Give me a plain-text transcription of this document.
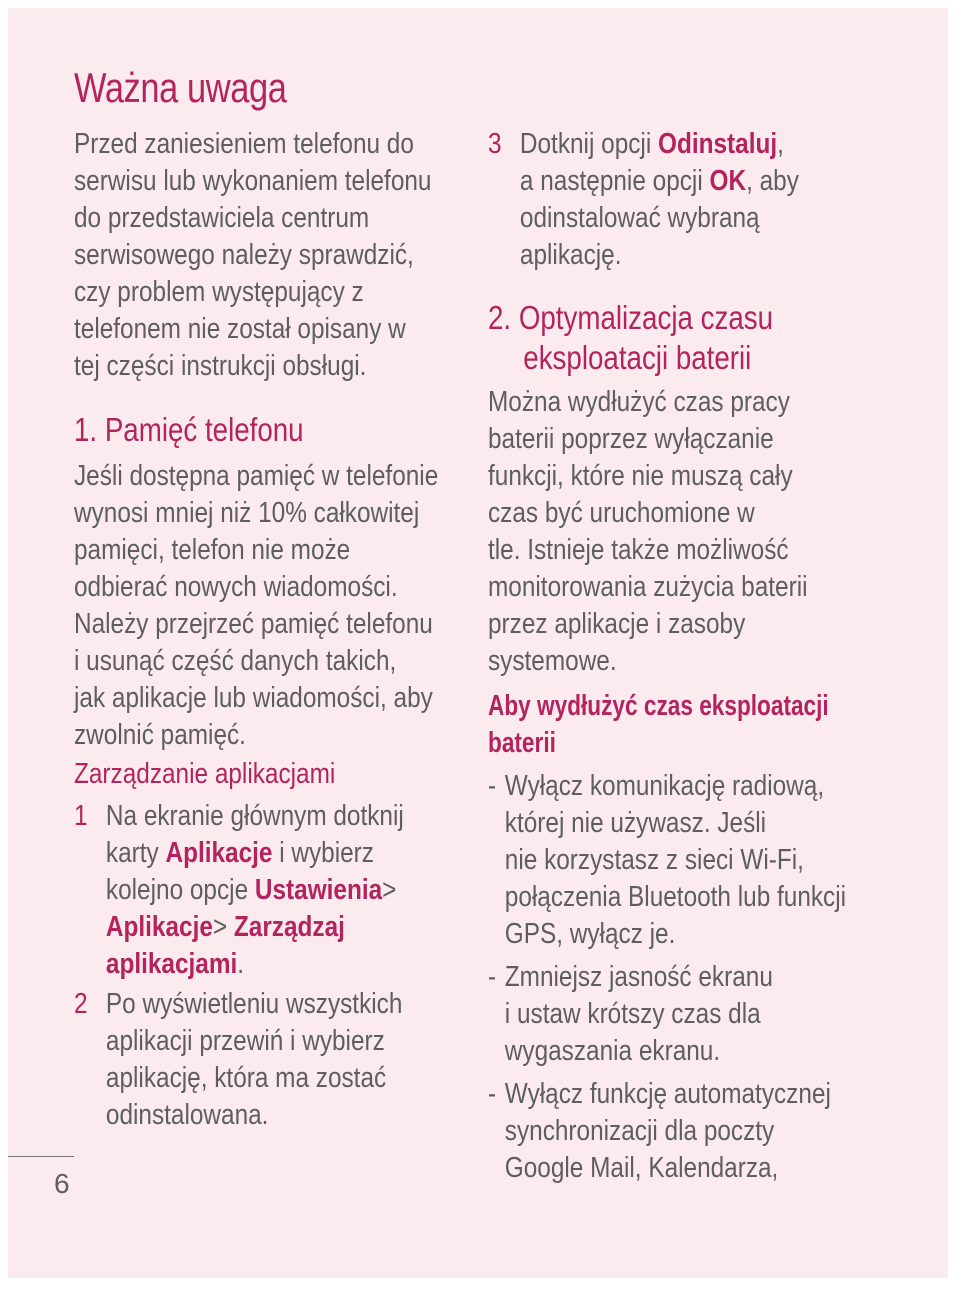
Ważna uwaga
Przed zaniesieniem telefonu do
serwisu lub wykonaniem telefonu
do przedstawiciela centrum
serwisowego należy sprawdzić,
czy problem występujący z
telefonem nie został opisany w
tej części instrukcji obsługi.
1. Pamięć telefonu
Jeśli dostępna pamięć w telefonie
wynosi mniej niż 10% całkowitej
pamięci, telefon nie może
odbierać nowych wiadomości.
Należy przejrzeć pamięć telefonu
i usunąć część danych takich,
jak aplikacje lub wiadomości, aby
zwolnić pamięć.
Zarządzanie aplikacjami
1 Na ekranie głównym dotknij
karty Aplikacje i wybierz
kolejno opcje Ustawienia>
Aplikacje> Zarządzaj
aplikacjami.
2 Po wyświetleniu wszystkich
aplikacji przewiń i wybierz
aplikację, która ma zostać
odinstalowana.
6
3 Dotknij opcji Odinstaluj,
a następnie opcji OK, aby
odinstalować wybraną
aplikację.
2. Optymalizacja czasu
eksploatacji baterii
Można wydłużyć czas pracy
baterii poprzez wyłączanie
funkcji, które nie muszą cały
czas być uruchomione w
tle. Istnieje także możliwość
monitorowania zużycia baterii
przez aplikacje i zasoby
systemowe.
Aby wydłużyć czas eksploatacji
baterii
- Wyłącz komunikację radiową,
której nie używasz. Jeśli
nie korzystasz z sieci Wi-Fi,
połączenia Bluetooth lub funkcji
GPS, wyłącz je.
- Zmniejsz jasność ekranu
i ustaw krótszy czas dla
wygaszania ekranu.
- Wyłącz funkcję automatycznej
synchronizacji dla poczty
Google Mail, Kalendarza,
